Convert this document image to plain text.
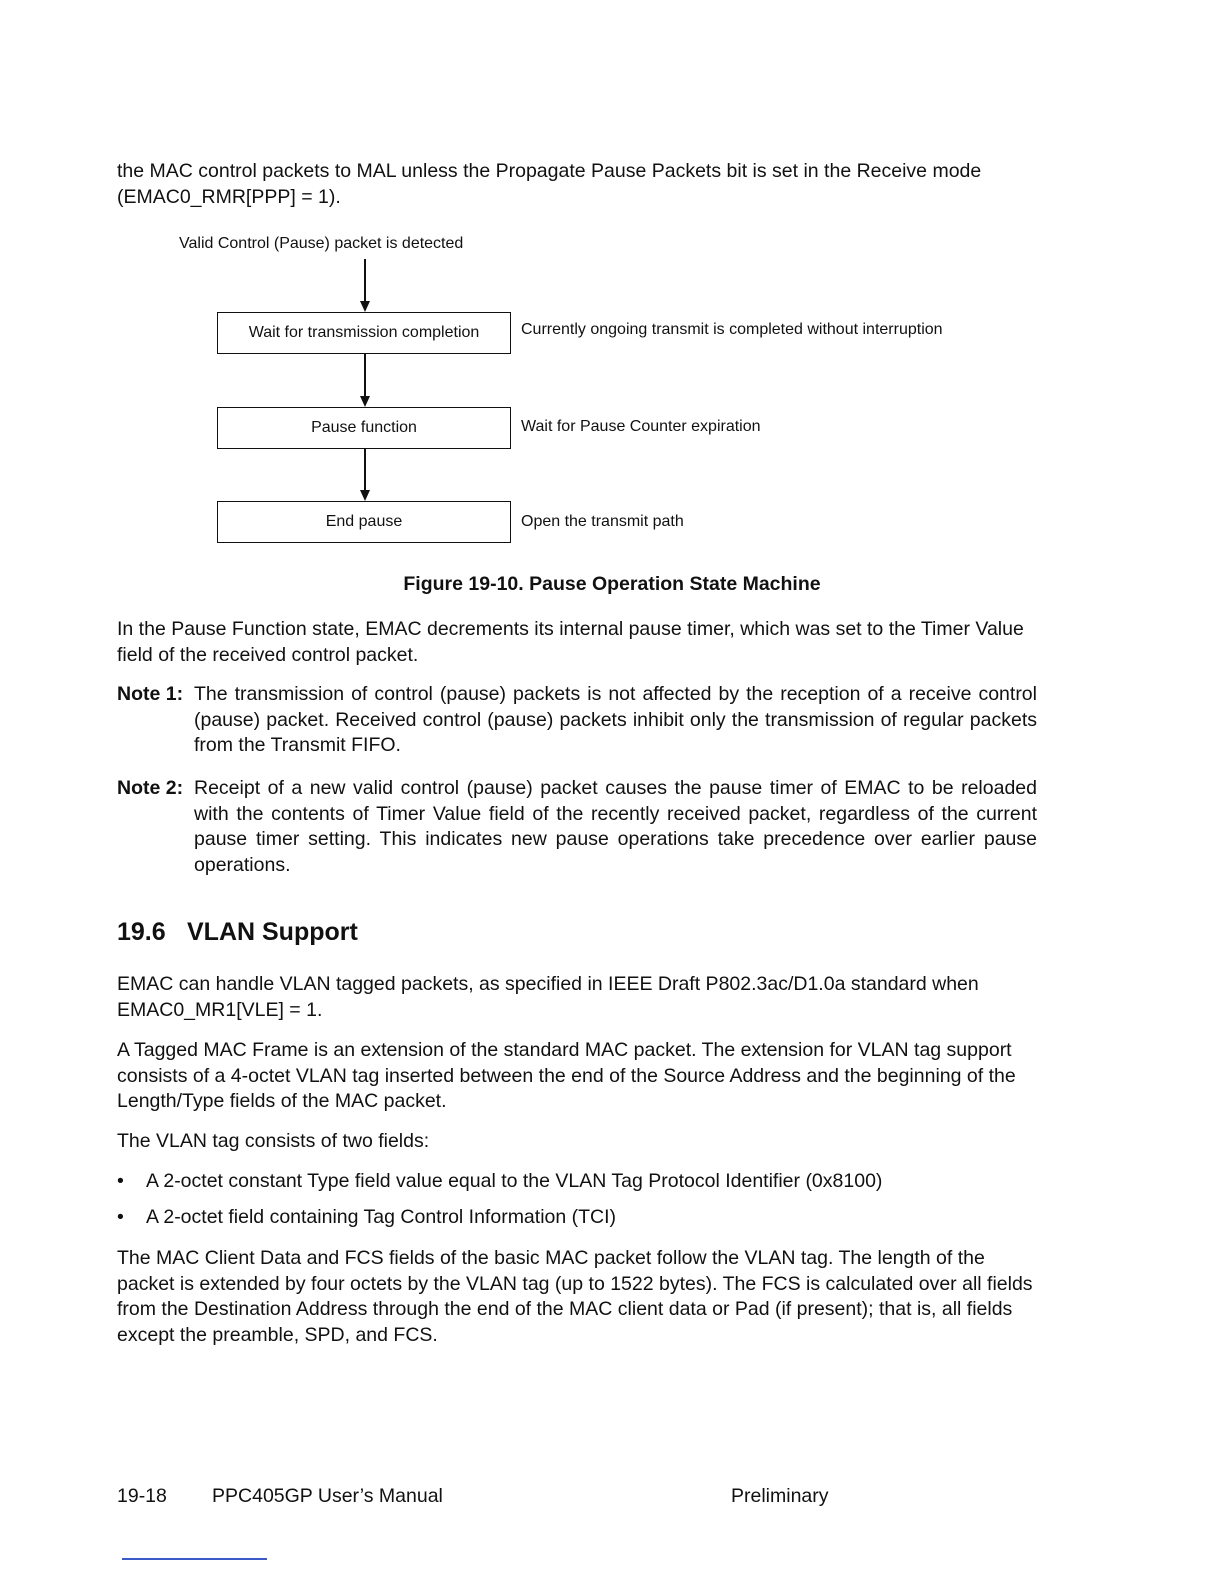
the MAC control packets to MAL unless the Propagate Pause Packets bit is set in the Receive mode (EMAC0_RMR[PPP] = 1).

Valid Control (Pause) packet is detected
Wait for transmission completion	Currently ongoing transmit is completed without interruption
Pause function	Wait for Pause Counter expiration
End pause	Open the transmit path
Figure 19-10. Pause Operation State Machine

In the Pause Function state, EMAC decrements its internal pause timer, which was set to the Timer Value field of the received control packet.

Note 1: The transmission of control (pause) packets is not affected by the reception of a receive control (pause) packet. Received control (pause) packets inhibit only the transmission of regular packets from the Transmit FIFO.
Note 2: Receipt of a new valid control (pause) packet causes the pause timer of EMAC to be reloaded with the contents of Timer Value field of the recently received packet, regardless of the current pause timer setting. This indicates new pause operations take precedence over earlier pause operations.
19.6 VLAN Support

EMAC can handle VLAN tagged packets, as specified in IEEE Draft P802.3ac/D1.0a standard when EMAC0_MR1[VLE] = 1.

A Tagged MAC Frame is an extension of the standard MAC packet. The extension for VLAN tag support consists of a 4-octet VLAN tag inserted between the end of the Source Address and the beginning of the Length/Type fields of the MAC packet.

The VLAN tag consists of two fields:

• A 2-octet constant Type field value equal to the VLAN Tag Protocol Identifier (0x8100)
• A 2-octet field containing Tag Control Information (TCI)

The MAC Client Data and FCS fields of the basic MAC packet follow the VLAN tag. The length of the packet is extended by four octets by the VLAN tag (up to 1522 bytes). The FCS is calculated over all fields from the Destination Address through the end of the MAC client data or Pad (if present); that is, all fields except the preamble, SPD, and FCS.

19-18 PPC405GP User’s Manual	Preliminary
